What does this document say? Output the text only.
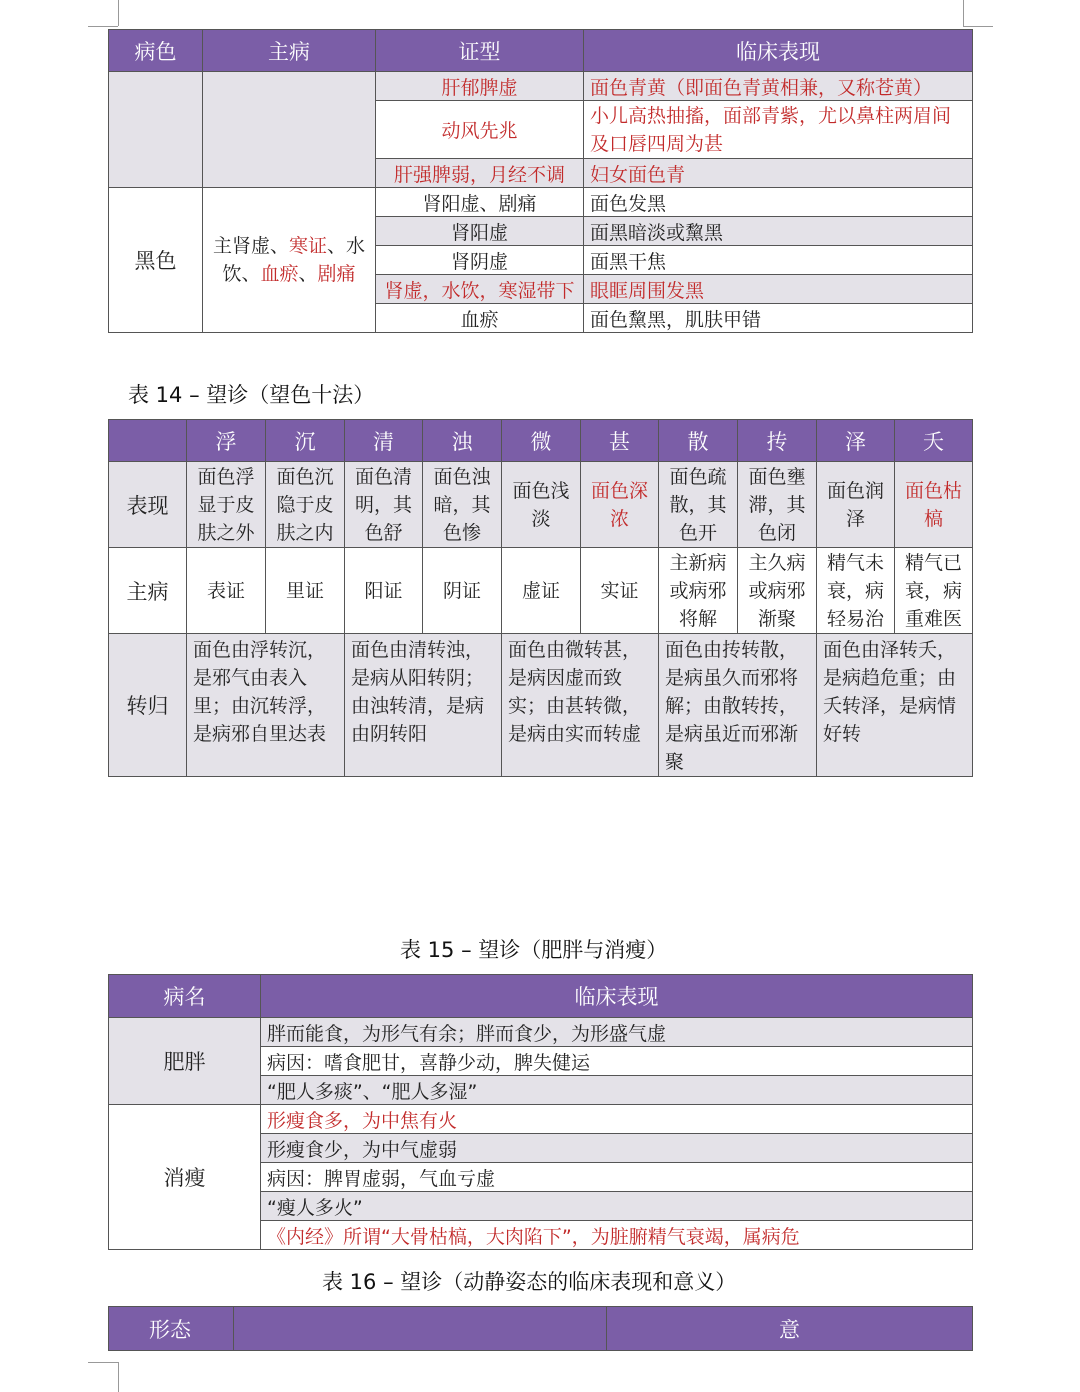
病色	主病	证型	临床表现
		肝郁脾虚	面色青黄（即面色青黄相兼，又称苍黄）
		动风先兆	小儿高热抽搐，面部青紫，尤以鼻柱两眉间及口唇四周为甚
		肝强脾弱，月经不调	妇女面色青
黑色	主肾虚、寒证、水饮、血瘀、剧痛	肾阳虚、剧痛	面色发黑
		肾阳虚	面黑暗淡或黧黑
		肾阴虚	面黑干焦
		肾虚，水饮，寒湿带下	眼眶周围发黑
		血瘀	面色黧黑，肌肤甲错
表 14 – 望诊（望色十法）
	浮	沉	清	浊	微	甚	散	抟	泽	夭
表现	面色浮显于皮肤之外	面色沉隐于皮肤之内	面色清明，其色舒	面色浊暗，其色惨	面色浅淡	面色深浓	面色疏散，其色开	面色壅滞，其色闭	面色润泽	面色枯槁
主病	表证	里证	阳证	阴证	虚证	实证	主新病或病邪将解	主久病或病邪渐聚	精气未衰，病轻易治	精气已衰，病重难医
转归	面色由浮转沉，是邪气由表入里；由沉转浮，是病邪自里达表		面色由清转浊，是病从阳转阴；由浊转清，是病由阴转阳		面色由微转甚，是病因虚而致实；由甚转微，是病由实而转虚		面色由抟转散，是病虽久而邪将解；由散转抟，是病虽近而邪渐聚		面色由泽转夭，是病趋危重；由夭转泽，是病情好转	
表 15 – 望诊（肥胖与消瘦）
病名	临床表现
肥胖	胖而能食，为形气有余；胖而食少，为形盛气虚
	病因：嗜食肥甘，喜静少动，脾失健运
	“肥人多痰”、“肥人多湿”
消瘦	形瘦食多，为中焦有火
	形瘦食少，为中气虚弱
	病因：脾胃虚弱，气血亏虚
	“瘦人多火”
	《内经》所谓“大骨枯槁，大肉陷下”，为脏腑精气衰竭，属病危
表 16 – 望诊（动静姿态的临床表现和意义）
形态		意
